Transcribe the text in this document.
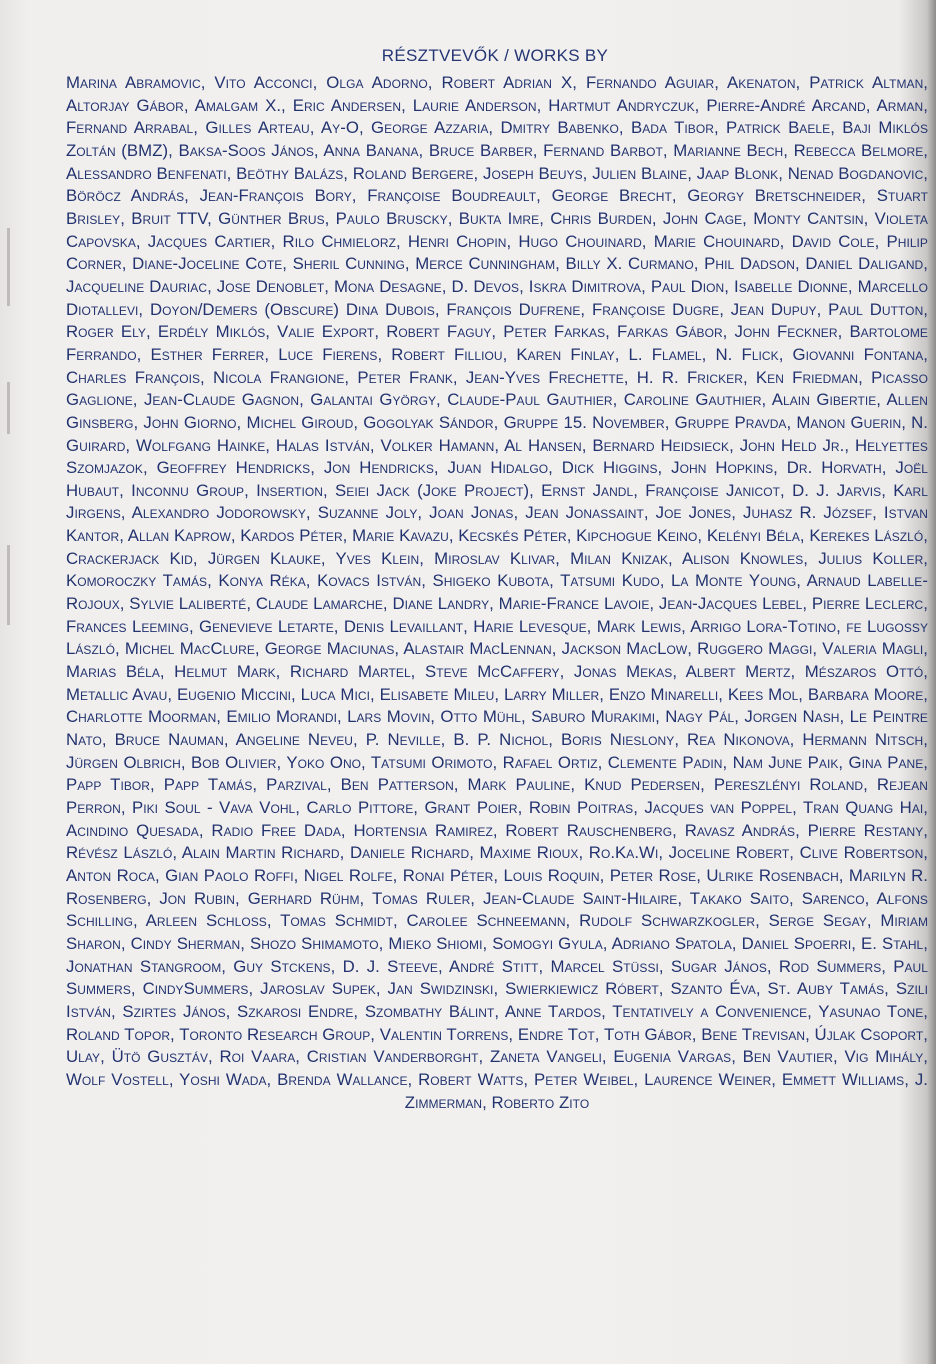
RÉSZTVEVŐK / WORKS BY
Marina Abramovic, Vito Acconci, Olga Adorno, Robert Adrian X, Fernando Aguiar, Akenaton, Patrick Altman, Altorjay Gábor, Amalgam X., Eric Andersen, Laurie Anderson, Hartmut Andryczuk, Pierre-André Arcand, Arman, Fernand Arrabal, Gilles Arteau, Ay-O, George Azzaria, Dmitry Babenko, Bada Tibor, Patrick Baele, Baji Miklós Zoltán (BMZ), Baksa-Soos János, Anna Banana, Bruce Barber, Fernand Barbot, Marianne Bech, Rebecca Belmore, Alessandro Benfenati, Beöthy Balázs, Roland Bergere, Joseph Beuys, Julien Blaine, Jaap Blonk, Nenad Bogdanovic, Böröcz András, Jean-François Bory, Françoise Boudreault, George Brecht, Georgy Bretschneider, Stuart Brisley, Bruit TTV, Günther Brus, Paulo Bruscky, Bukta Imre, Chris Burden, John Cage, Monty Cantsin, Violeta Capovska, Jacques Cartier, Rilo Chmielorz, Henri Chopin, Hugo Chouinard, Marie Chouinard, David Cole, Philip Corner, Diane-Joceline Cote, Sheril Cunning, Merce Cunningham, Billy X. Curmano, Phil Dadson, Daniel Daligand, Jacqueline Dauriac, Jose Denoblet, Mona Desagne, D. Devos, Iskra Dimitrova, Paul Dion, Isabelle Dionne, Marcello Diotallevi, Doyon/Demers (Obscure) Dina Dubois, François Dufrene, Françoise Dugre, Jean Dupuy, Paul Dutton, Roger Ely, Erdély Miklós, Valie Export, Robert Faguy, Peter Farkas, Farkas Gábor, John Feckner, Bartolome Ferrando, Esther Ferrer, Luce Fierens, Robert Filliou, Karen Finlay, L. Flamel, N. Flick, Giovanni Fontana, Charles François, Nicola Frangione, Peter Frank, Jean-Yves Frechette, H. R. Fricker, Ken Friedman, Picasso Gaglione, Jean-Claude Gagnon, Galantai György, Claude-Paul Gauthier, Caroline Gauthier, Alain Gibertie, Allen Ginsberg, John Giorno, Michel Giroud, Gogolyak Sándor, Gruppe 15. November, Gruppe Pravda, Manon Guerin, N. Guirard, Wolfgang Hainke, Halas István, Volker Hamann, Al Hansen, Bernard Heidsieck, John Held Jr., Helyettes Szomjazok, Geoffrey Hendricks, Jon Hendricks, Juan Hidalgo, Dick Higgins, John Hopkins, Dr. Horvath, Joël Hubaut, Inconnu Group, Insertion, Seiei Jack (Joke Project), Ernst Jandl, Françoise Janicot, D. J. Jarvis, Karl Jirgens, Alexandro Jodorowsky, Suzanne Joly, Joan Jonas, Jean Jonassaint, Joe Jones, Juhasz R. József, Istvan Kantor, Allan Kaprow, Kardos Péter, Marie Kavazu, Kecskés Péter, Kipchogue Keino, Kelényi Béla, Kerekes László, Crackerjack Kid, Jürgen Klauke, Yves Klein, Miroslav Klivar, Milan Knizak, Alison Knowles, Julius Koller, Komoroczky Tamás, Konya Réka, Kovacs István, Shigeko Kubota, Tatsumi Kudo, La Monte Young, Arnaud Labelle-Rojoux, Sylvie Laliberté, Claude Lamarche, Diane Landry, Marie-France Lavoie, Jean-Jacques Lebel, Pierre Leclerc, Frances Leeming, Genevieve Letarte, Denis Levaillant, Harie Levesque, Mark Lewis, Arrigo Lora-Totino, fe Lugossy László, Michel MacClure, George Maciunas, Alastair MacLennan, Jackson MacLow, Ruggero Maggi, Valeria Magli, Marias Béla, Helmut Mark, Richard Martel, Steve McCaffery, Jonas Mekas, Albert Mertz, Mészaros Ottó, Metallic Avau, Eugenio Miccini, Luca Mici, Elisabete Mileu, Larry Miller, Enzo Minarelli, Kees Mol, Barbara Moore, Charlotte Moorman, Emilio Morandi, Lars Movin, Otto Mühl, Saburo Murakimi, Nagy Pál, Jorgen Nash, Le Peintre Nato, Bruce Nauman, Angeline Neveu, P. Neville, B. P. Nichol, Boris Nieslony, Rea Nikonova, Hermann Nitsch, Jürgen Olbrich, Bob Olivier, Yoko Ono, Tatsumi Orimoto, Rafael Ortiz, Clemente Padin, Nam June Paik, Gina Pane, Papp Tibor, Papp Tamás, Parzival, Ben Patterson, Mark Pauline, Knud Pedersen, Pereszlényi Roland, Rejean Perron, Piki Soul - Vava Vohl, Carlo Pittore, Grant Poier, Robin Poitras, Jacques van Poppel, Tran Quang Hai, Acindino Quesada, Radio Free Dada, Hortensia Ramirez, Robert Rauschenberg, Ravasz András, Pierre Restany, Révész László, Alain Martin Richard, Daniele Richard, Maxime Rioux, Ro.Ka.Wi, Joceline Robert, Clive Robertson, Anton Roca, Gian Paolo Roffi, Nigel Rolfe, Ronai Péter, Louis Roquin, Peter Rose, Ulrike Rosenbach, Marilyn R. Rosenberg, Jon Rubin, Gerhard Rühm, Tomas Ruler, Jean-Claude Saint-Hilaire, Takako Saito, Sarenco, Alfons Schilling, Arleen Schloss, Tomas Schmidt, Carolee Schneemann, Rudolf Schwarzkogler, Serge Segay, Miriam Sharon, Cindy Sherman, Shozo Shimamoto, Mieko Shiomi, Somogyi Gyula, Adriano Spatola, Daniel Spoerri, E. Stahl, Jonathan Stangroom, Guy Stckens, D. J. Steeve, André Stitt, Marcel Stüssi, Sugar János, Rod Summers, Paul Summers, CindySummers, Jaroslav Supek, Jan Swidzinski, Swierkiewicz Róbert, Szanto Éva, St. Auby Tamás, Szili István, Szirtes János, Szkarosi Endre, Szombathy Bálint, Anne Tardos, Tentatively a Convenience, Yasunao Tone, Roland Topor, Toronto Research Group, Valentin Torrens, Endre Tot, Toth Gábor, Bene Trevisan, Újlak Csoport, Ulay, Ütö Gusztáv, Roi Vaara, Cristian Vanderborght, Zaneta Vangeli, Eugenia Vargas, Ben Vautier, Vig Mihály, Wolf Vostell, Yoshi Wada, Brenda Wallance, Robert Watts, Peter Weibel, Laurence Weiner, Emmett Williams, J. Zimmerman, Roberto Zito
